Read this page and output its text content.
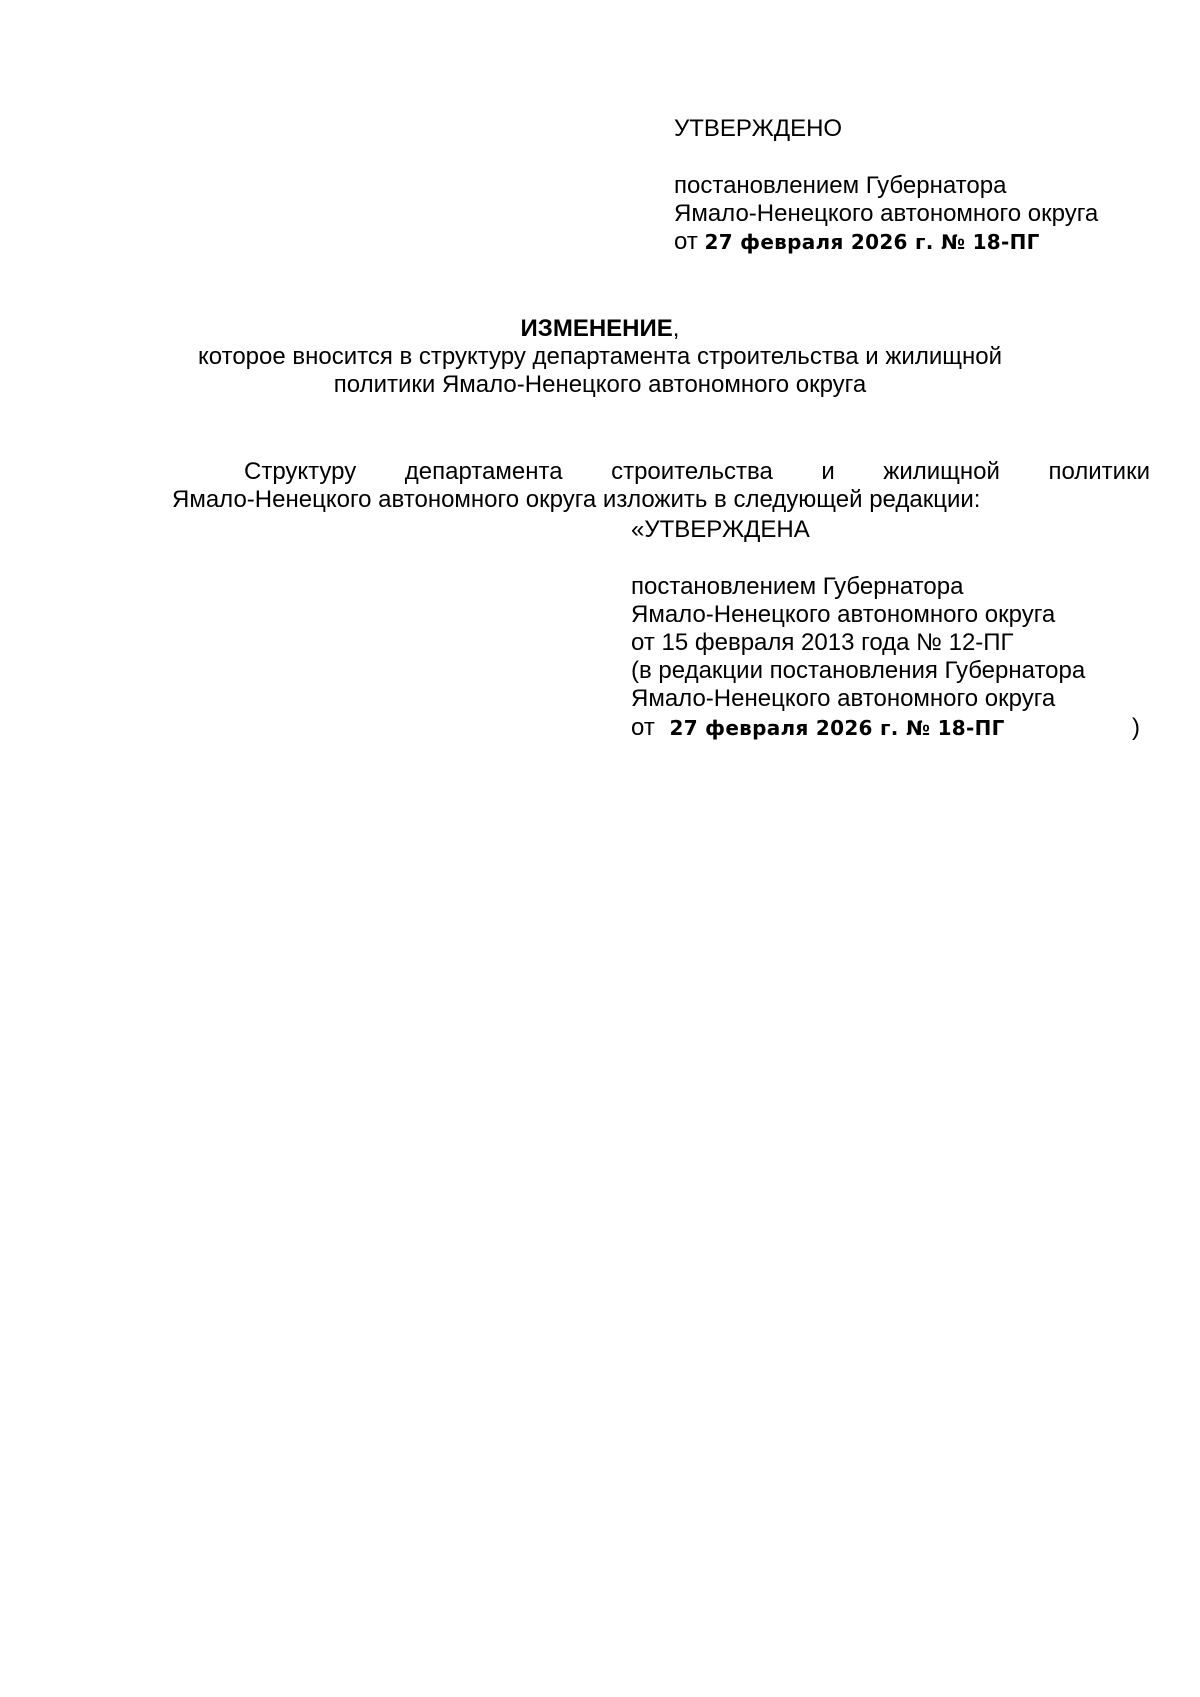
УТВЕРЖДЕНО
постановлением Губернатора
Ямало-Ненецкого автономного округа
от 27 февраля 2026 г. № 18-ПГ
ИЗМЕНЕНИЕ,
которое вносится в структуру департамента строительства и жилищной
политики Ямало-Ненецкого автономного округа
Структуру департамента строительства и жилищной политики
Ямало-Ненецкого автономного округа изложить в следующей редакции:
«УТВЕРЖДЕНА
постановлением Губернатора
Ямало-Ненецкого автономного округа
от 15 февраля 2013 года № 12-ПГ
(в редакции постановления Губернатора
Ямало-Ненецкого автономного округа
от 27 февраля 2026 г. № 18-ПГ	)
